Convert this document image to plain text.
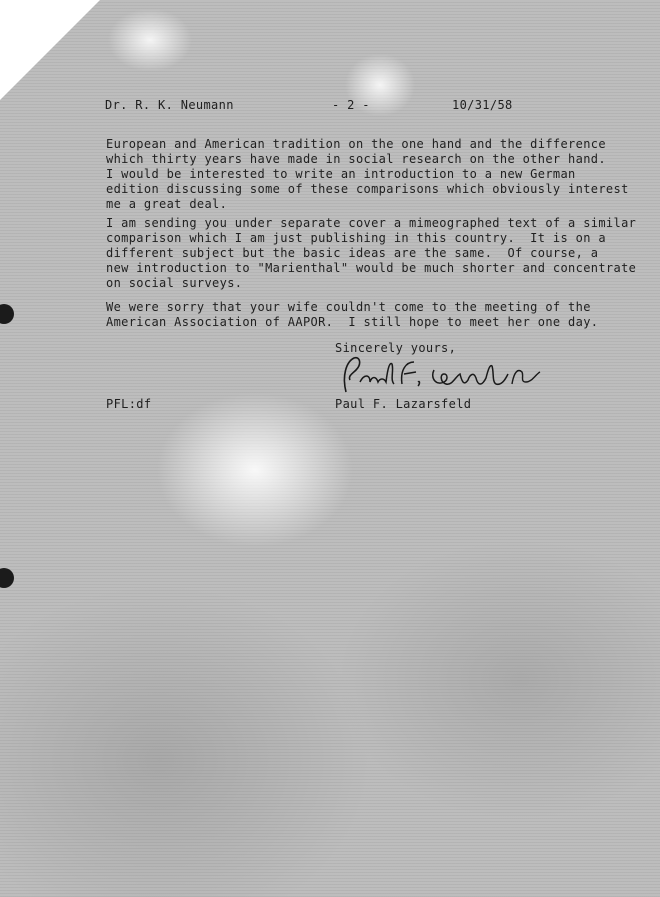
Dr. R. K. Neumann	- 2 -	10/31/58
European and American tradition on the one hand and the difference
which thirty years have made in social research on the other hand.
I would be interested to write an introduction to a new German
edition discussing some of these comparisons which obviously interest
me a great deal.
I am sending you under separate cover a mimeographed text of a similar
comparison which I am just publishing in this country.  It is on a
different subject but the basic ideas are the same.  Of course, a
new introduction to "Marienthal" would be much shorter and concentrate
on social surveys.
We were sorry that your wife couldn't come to the meeting of the
American Association of AAPOR.  I still hope to meet her one day.
Sincerely yours,
PFL:df	Paul F. Lazarsfeld
